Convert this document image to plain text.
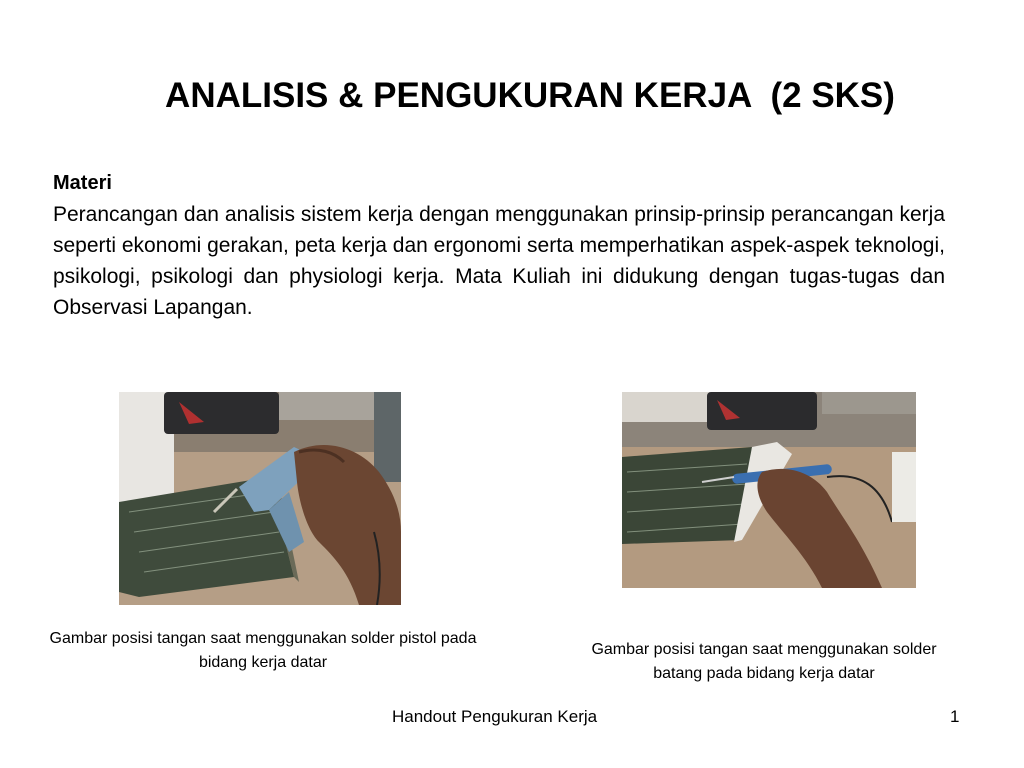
ANALISIS & PENGUKURAN KERJA  (2 SKS)
Materi
Perancangan dan analisis sistem kerja dengan menggunakan prinsip-prinsip perancangan kerja seperti ekonomi gerakan, peta kerja dan ergonomi serta memperhatikan aspek-aspek teknologi, psikologi, psikologi dan physiologi kerja. Mata Kuliah ini didukung dengan tugas-tugas dan Observasi Lapangan.
Gambar posisi tangan saat menggunakan solder pistol pada bidang kerja datar
Gambar posisi tangan saat menggunakan solder
batang pada bidang kerja datar
Handout Pengukuran Kerja	1
